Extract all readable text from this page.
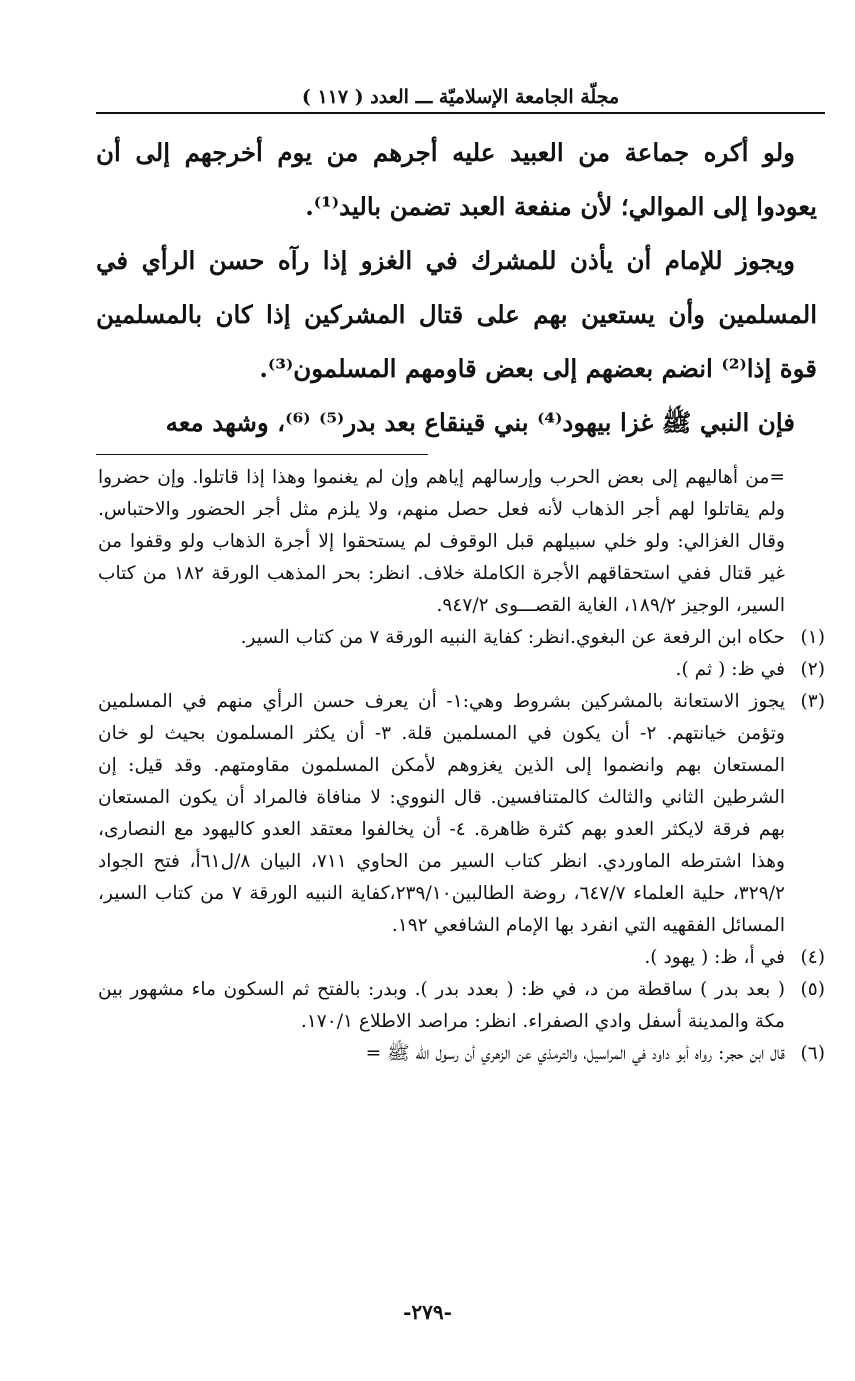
مجلّة الجامعة الإسلاميّة ـــ العدد ( ١١٧ )

ولو أكره جماعة من العبيد عليه أجرهم من يوم أخرجهم إلى أن يعودوا إلى الموالي؛ لأن منفعة العبد تضمن باليد⁽¹⁾.

ويجوز للإمام أن يأذن للمشرك في الغزو إذا رآه حسن الرأي في المسلمين وأن يستعين بهم على قتال المشركين إذا كان بالمسلمين قوة إذا⁽²⁾ انضم بعضهم إلى بعض قاومهم المسلمون⁽³⁾.

فإن النبي ﷺ غزا بيهود⁽⁴⁾ بني قينقاع بعد بدر⁽⁵⁾ ⁽⁶⁾، وشهد معه

=من أهاليهم إلى بعض الحرب وإرسالهم إياهم وإن لم يغنموا وهذا إذا قاتلوا. وإن حضروا ولم يقاتلوا لهم أجر الذهاب لأنه فعل حصل منهم، ولا يلزم مثل أجر الحضور والاحتباس. وقال الغزالي: ولو خلي سبيلهم قبل الوقوف لم يستحقوا إلا أجرة الذهاب ولو وقفوا من غير قتال ففي استحقاقهم الأجرة الكاملة خلاف. انظر: بحر المذهب الورقة ١٨٢ من كتاب السير، الوجيز ١٨٩/٢، الغاية القصـــوى ٩٤٧/٢.
(١)
حكاه ابن الرفعة عن البغوي.انظر: كفاية النبيه الورقة ٧ من كتاب السير.
(٢)
في ظ: ( ثم ).
(٣)
يجوز الاستعانة بالمشركين بشروط وهي:١- أن يعرف حسن الرأي منهم في المسلمين وتؤمن خيانتهم. ٢- أن يكون في المسلمين قلة. ٣- أن يكثر المسلمون بحيث لو خان المستعان بهم وانضموا إلى الذين يغزوهم لأمكن المسلمون مقاومتهم. وقد قيل: إن الشرطين الثاني والثالث كالمتنافسين. قال النووي: لا منافاة فالمراد أن يكون المستعان بهم فرقة لايكثر العدو بهم كثرة ظاهرة. ٤- أن يخالفوا معتقد العدو كاليهود مع النصارى، وهذا اشترطه الماوردي. انظر كتاب السير من الحاوي ٧١١، البيان ٨/ل٦١أ، فتح الجواد ٣٢٩/٢، حلية العلماء ٦٤٧/٧، روضة الطالبين٢٣٩/١٠،كفاية النبيه الورقة ٧ من كتاب السير، المسائل الفقهيه التي انفرد بها الإمام الشافعي ١٩٢.
(٤)
في أ، ظ: ( يهود ).
(٥)
( بعد بدر ) ساقطة من د، في ظ: ( بعدد بدر ). وبدر: بالفتح ثم السكون ماء مشهور بين مكة والمدينة أسفل وادي الصفراء. انظر: مراصد الاطلاع ١٧٠/١.
(٦)
قال ابن حجر: رواه أبو داود في المراسيل، والترمذي عن الزهري أن رسول الله ﷺ =
-٢٧٩-
